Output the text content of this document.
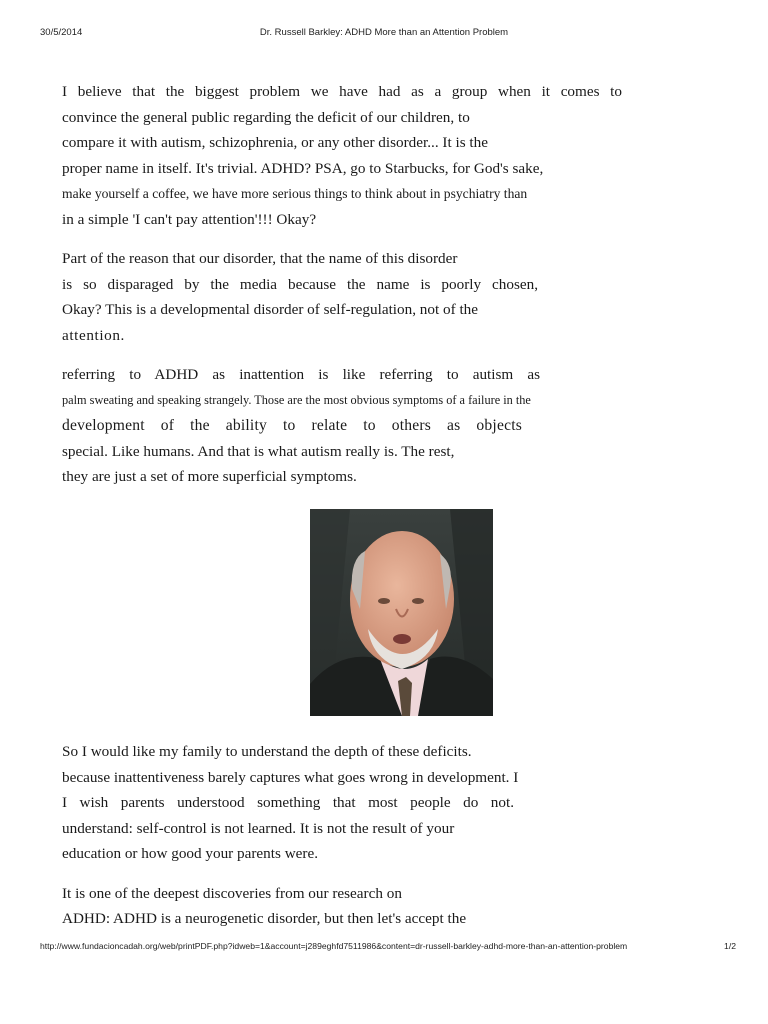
30/5/2014	Dr. Russell Barkley: ADHD More than an Attention Problem

I believe that the biggest problem we have had as a group when it comes to
convince the general public regarding the deficit of our children, to
compare it with autism, schizophrenia, or any other disorder... It is the
proper name in itself. It's trivial. ADHD? PSA, go to Starbucks, for God's sake,
make yourself a coffee, we have more serious things to think about in psychiatry than
in a simple 'I can't pay attention'!!! Okay?

Part of the reason that our disorder, that the name of this disorder
is so disparaged by the media because the name is poorly chosen,
Okay? This is a developmental disorder of self-regulation, not of the
attention.

referring to ADHD as inattention is like referring to autism as
palm sweating and speaking strangely. Those are the most obvious symptoms of a failure in the
development of the ability to relate to others as objects
special. Like humans. And that is what autism really is. The rest,
they are just a set of more superficial symptoms.

So I would like my family to understand the depth of these deficits.
because inattentiveness barely captures what goes wrong in development. I
I wish parents understood something that most people do not.
understand: self-control is not learned. It is not the result of your
education or how good your parents were.

It is one of the deepest discoveries from our research on
ADHD: ADHD is a neurogenetic disorder, but then let's accept the

http://www.fundacioncadah.org/web/printPDF.php?idweb=1&account=j289eghfd7511986&content=dr-russell-barkley-adhd-more-than-an-attention-problem	1/2
